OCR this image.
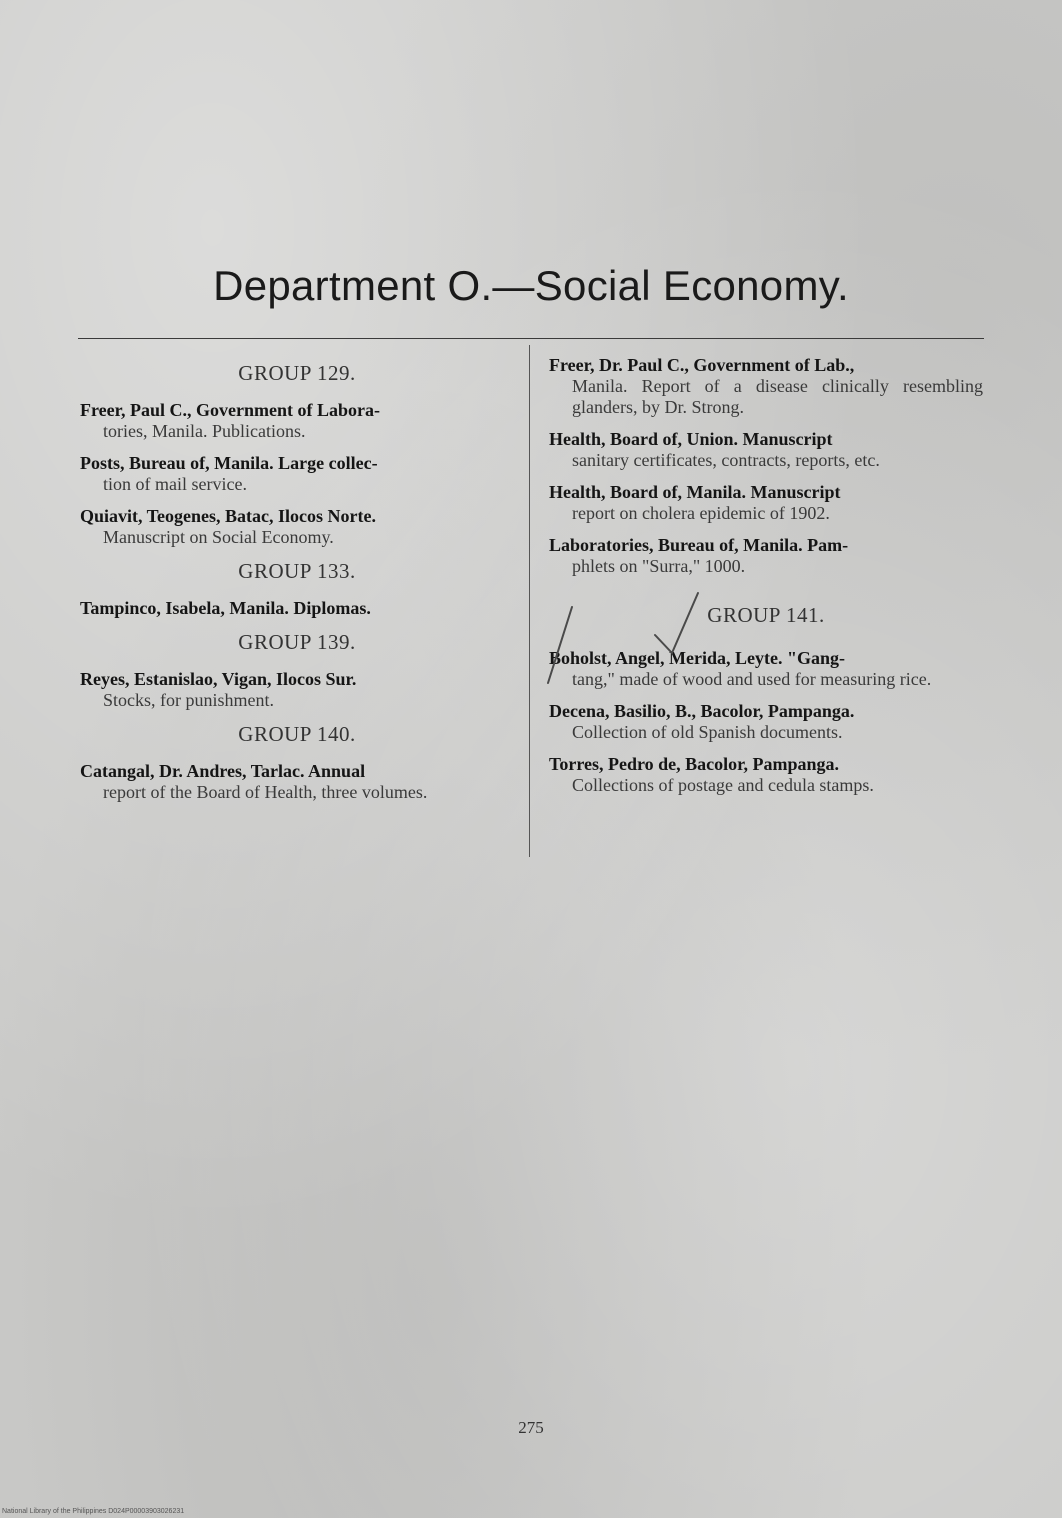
Department O.—Social Economy.
GROUP 129.
Freer, Paul C., Government of Labora-
tories, Manila. Publications.
Posts, Bureau of, Manila. Large collec-
tion of mail service.
Quiavit, Teogenes, Batac, Ilocos Norte.
Manuscript on Social Economy.
GROUP 133.
Tampinco, Isabela, Manila. Diplomas.
GROUP 139.
Reyes, Estanislao, Vigan, Ilocos Sur.
Stocks, for punishment.
GROUP 140.
Catangal, Dr. Andres, Tarlac. Annual
report of the Board of Health, three volumes.
Freer, Dr. Paul C., Government of Lab.,
Manila. Report of a disease clinically resembling glanders, by Dr. Strong.
Health, Board of, Union. Manuscript
sanitary certificates, contracts, reports, etc.
Health, Board of, Manila. Manuscript
report on cholera epidemic of 1902.
Laboratories, Bureau of, Manila. Pam-
phlets on "Surra," 1000.
GROUP 141.
Boholst, Angel, Merida, Leyte. "Gang-
tang," made of wood and used for measuring rice.
Decena, Basilio, B., Bacolor, Pampanga.
Collection of old Spanish documents.
Torres, Pedro de, Bacolor, Pampanga.
Collections of postage and cedula stamps.
275
National Library of the Philippines D024P00003903026231
